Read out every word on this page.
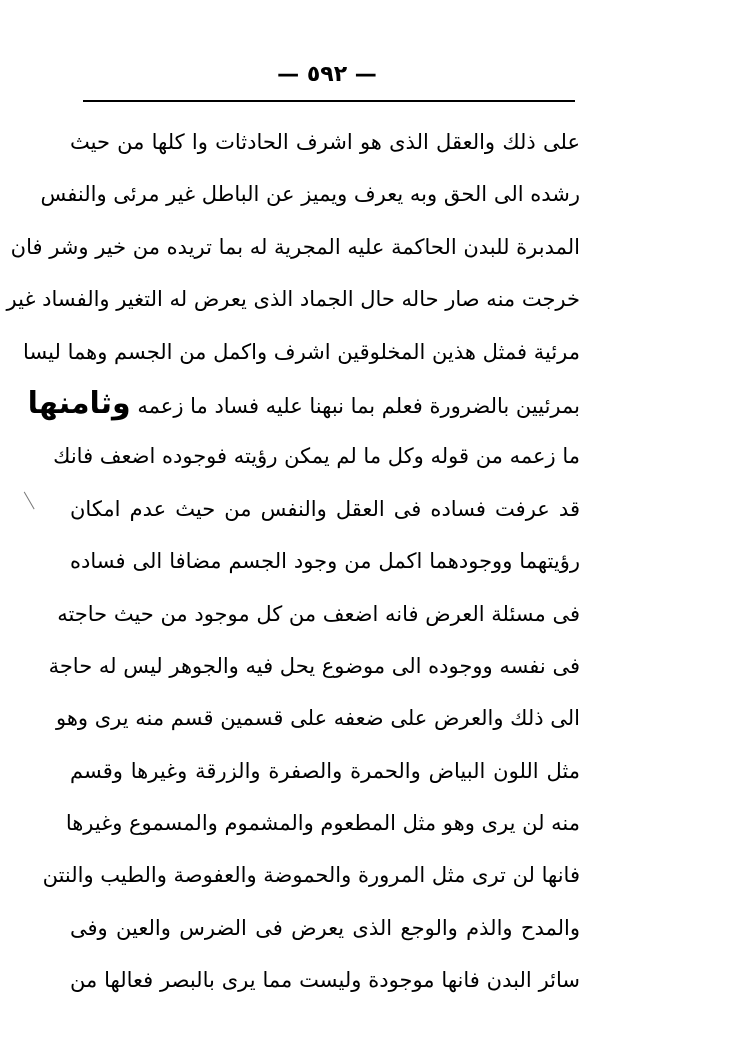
— ٥٩٢ —
على ذلك والعقل الذى هو اشرف الحادثات وا كلها من حيث
رشده الى الحق وبه يعرف ويميز عن الباطل غير مرئى والنفس
المدبرة للبدن الحاكمة عليه المجرية له بما تريده من خير وشر فان
خرجت منه صار حاله حال الجماد الذى يعرض له التغير والفساد غير
مرئية فمثل هذين المخلوقين اشرف واكمل من الجسم وهما ليسا
بمرئيين بالضرورة فعلم بما نبهنا عليه فساد ما زعمه وثامنها
ما زعمه من قوله وكل ما لم يمكن رؤيته فوجوده اضعف فانك
قد عرفت فساده فى العقل والنفس من حيث عدم امكان
رؤيتهما ووجودهما اكمل من وجود الجسم مضافا الى فساده
فى مسئلة العرض فانه اضعف من كل موجود من حيث حاجته
فى نفسه ووجوده الى موضوع يحل فيه والجوهر ليس له حاجة
الى ذلك والعرض على ضعفه على قسمين قسم منه يرى وهو
مثل اللون البياض والحمرة والصفرة والزرقة وغيرها وقسم
منه لن يرى وهو مثل المطعوم والمشموم والمسموع وغيرها
فانها لن ترى مثل المرورة والحموضة والعفوصة والطيب والنتن
والمدح والذم والوجع الذى يعرض فى الضرس والعين وفى
سائر البدن فانها موجودة وليست مما يرى بالبصر فعالها من
